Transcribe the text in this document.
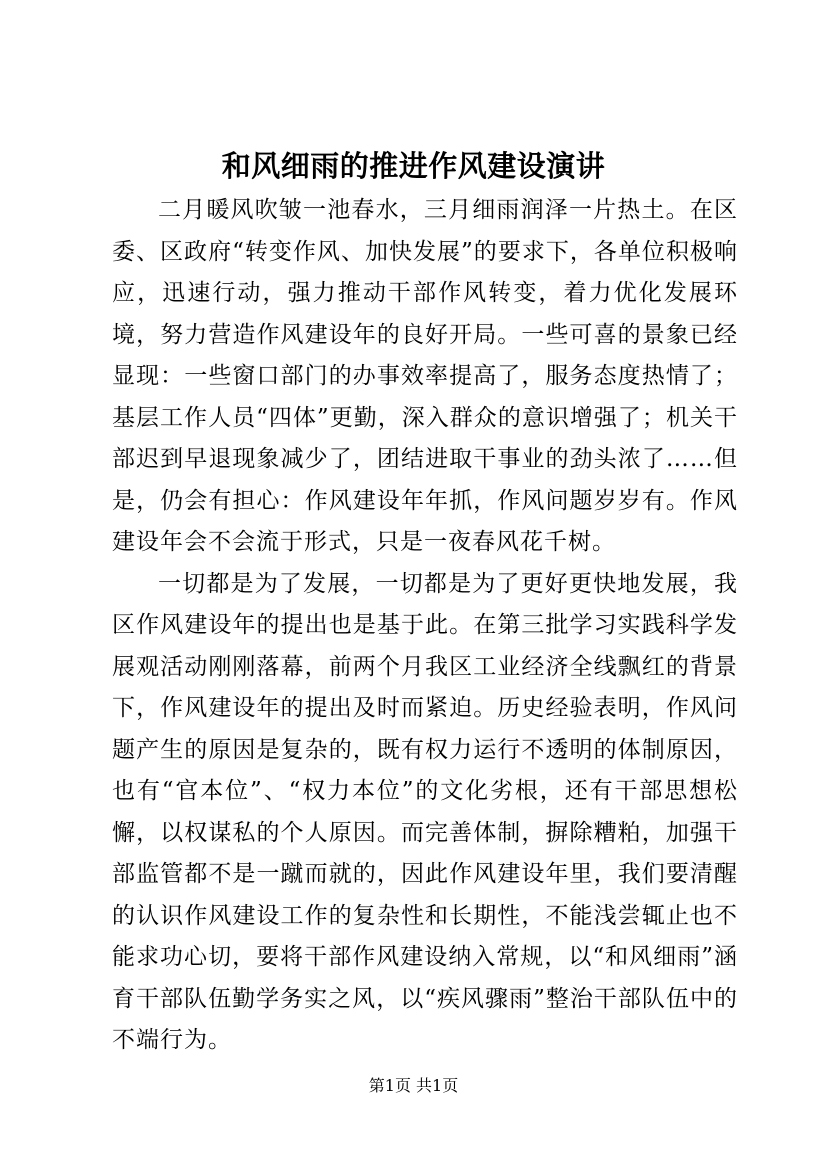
和风细雨的推进作风建设演讲

二月暖风吹皱一池春水，三月细雨润泽一片热土。在区委、区政府“转变作风、加快发展”的要求下，各单位积极响应，迅速行动，强力推动干部作风转变，着力优化发展环境，努力营造作风建设年的良好开局。一些可喜的景象已经显现：一些窗口部门的办事效率提高了，服务态度热情了；基层工作人员“四体”更勤，深入群众的意识增强了；机关干部迟到早退现象减少了，团结进取干事业的劲头浓了……但是，仍会有担心：作风建设年年抓，作风问题岁岁有。作风建设年会不会流于形式，只是一夜春风花千树。

一切都是为了发展，一切都是为了更好更快地发展，我区作风建设年的提出也是基于此。在第三批学习实践科学发展观活动刚刚落幕，前两个月我区工业经济全线飘红的背景下，作风建设年的提出及时而紧迫。历史经验表明，作风问题产生的原因是复杂的，既有权力运行不透明的体制原因，也有“官本位”、“权力本位”的文化劣根，还有干部思想松懈，以权谋私的个人原因。而完善体制，摒除糟粕，加强干部监管都不是一蹴而就的，因此作风建设年里，我们要清醒的认识作风建设工作的复杂性和长期性，不能浅尝辄止也不能求功心切，要将干部作风建设纳入常规，以“和风细雨”涵育干部队伍勤学务实之风，以“疾风骤雨”整治干部队伍中的不端行为。

第1页 共1页
